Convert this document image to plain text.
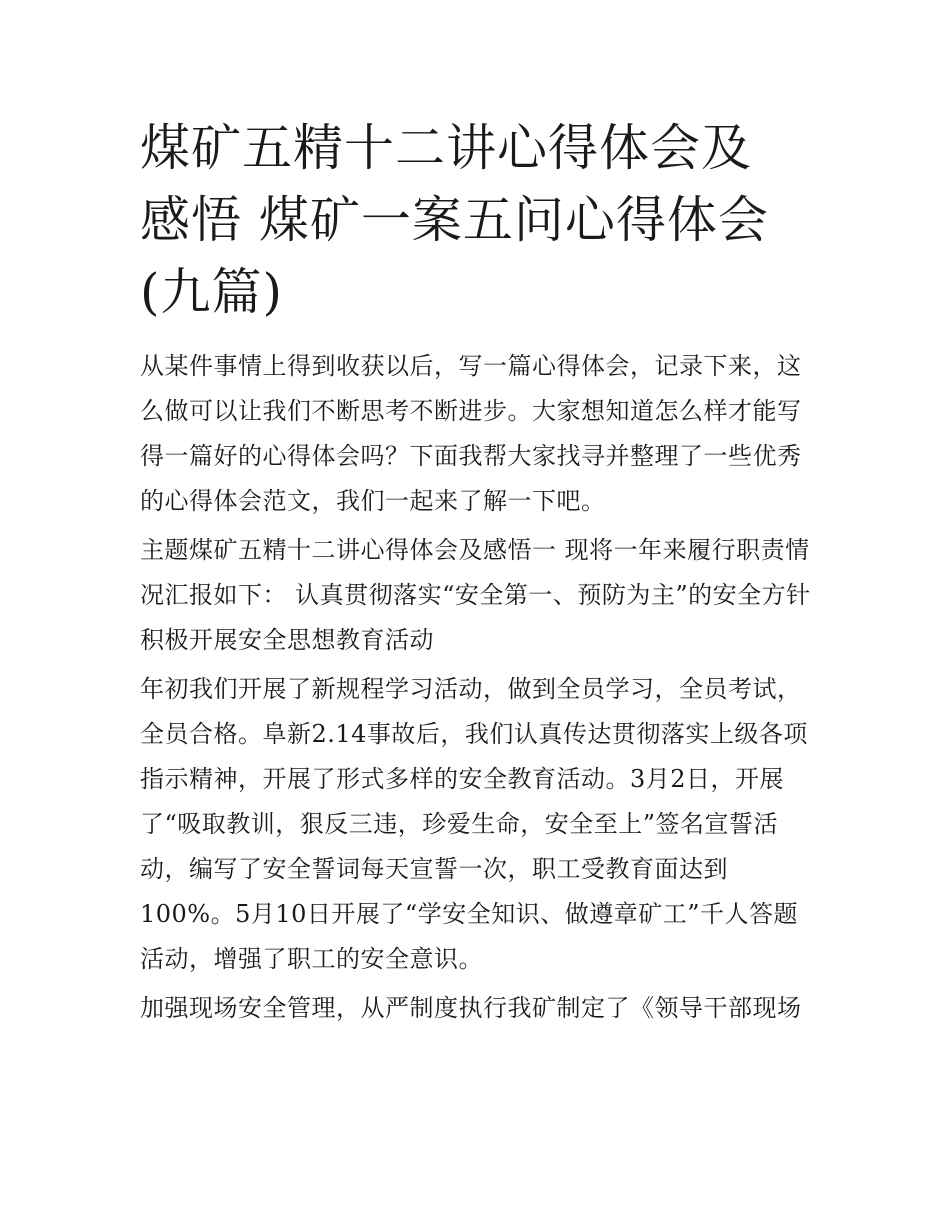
煤矿五精十二讲心得体会及感悟 煤矿一案五问心得体会(九篇)

从某件事情上得到收获以后，写一篇心得体会，记录下来，这么做可以让我们不断思考不断进步。大家想知道怎么样才能写得一篇好的心得体会吗？下面我帮大家找寻并整理了一些优秀的心得体会范文，我们一起来了解一下吧。

主题煤矿五精十二讲心得体会及感悟一 现将一年来履行职责情况汇报如下： 认真贯彻落实“安全第一、预防为主”的安全方针积极开展安全思想教育活动

年初我们开展了新规程学习活动，做到全员学习，全员考试，全员合格。阜新2.14事故后，我们认真传达贯彻落实上级各项指示精神，开展了形式多样的安全教育活动。3月2日，开展了“吸取教训，狠反三违，珍爱生命，安全至上”签名宣誓活动，编写了安全誓词每天宣誓一次，职工受教育面达到100%。5月10日开展了“学安全知识、做遵章矿工”千人答题活动，增强了职工的安全意识。

加强现场安全管理，从严制度执行我矿制定了《领导干部现场
